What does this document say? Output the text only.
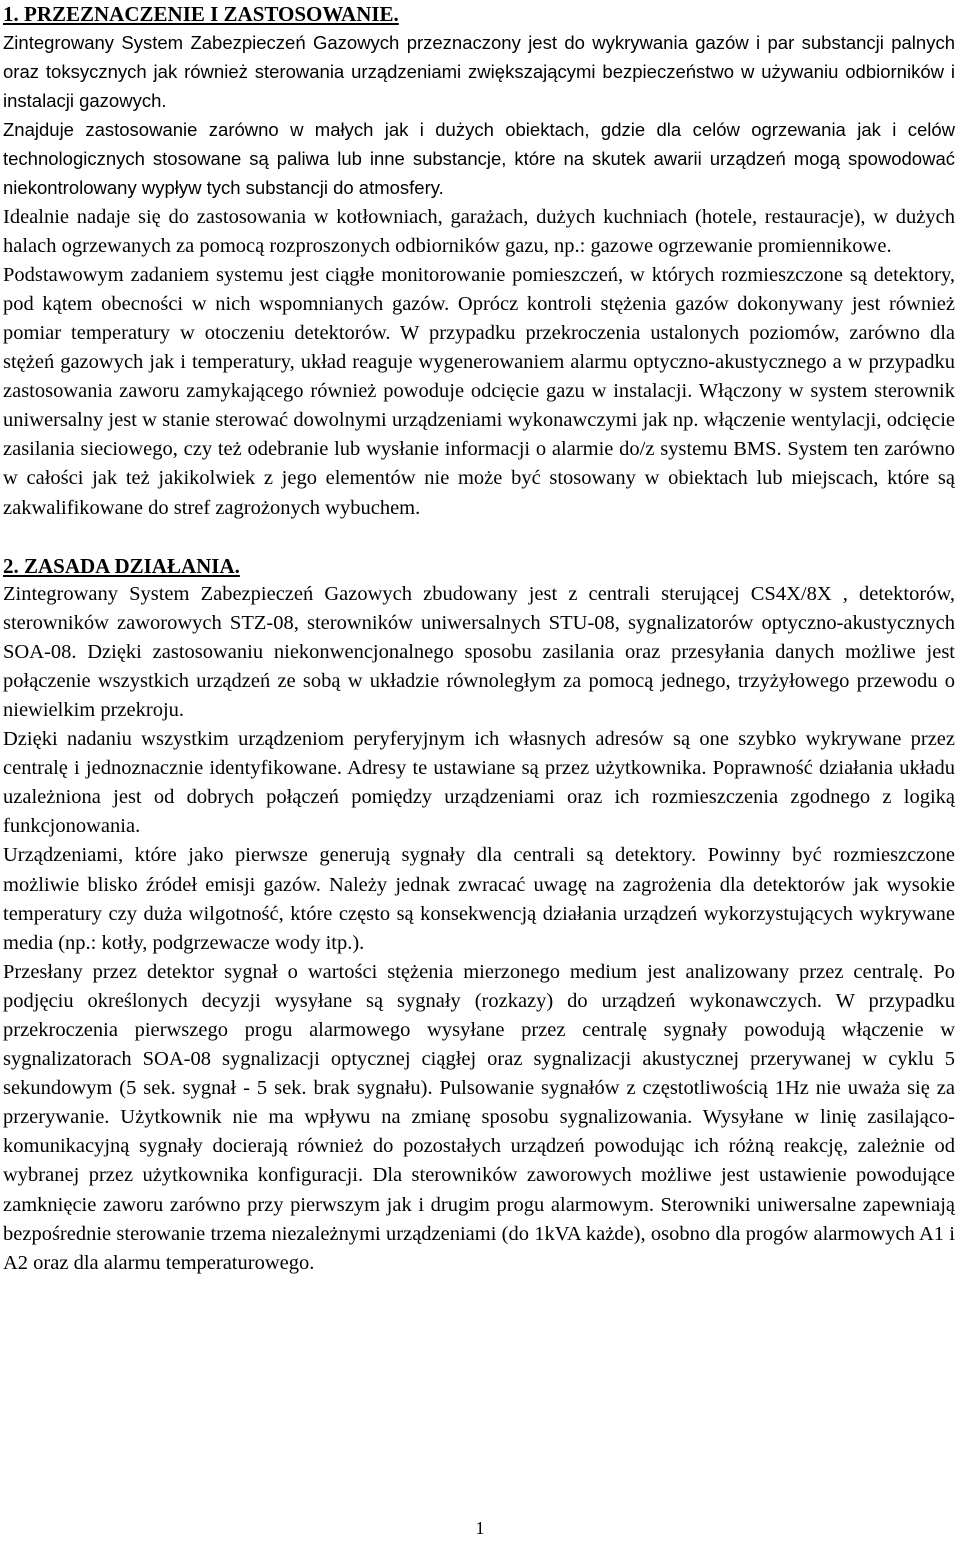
1. PRZEZNACZENIE I ZASTOSOWANIE.

Zintegrowany System Zabezpieczeń Gazowych przeznaczony jest do wykrywania gazów i par substancji palnych oraz toksycznych jak również sterowania urządzeniami zwiększającymi bezpieczeństwo w używaniu odbiorników i instalacji gazowych.

Znajduje zastosowanie zarówno w małych jak i dużych obiektach, gdzie dla celów ogrzewania jak i celów technologicznych stosowane są paliwa lub inne substancje, które na skutek awarii urządzeń mogą spowodować niekontrolowany wypływ tych substancji do atmosfery.

Idealnie nadaje się do zastosowania w kotłowniach, garażach, dużych kuchniach (hotele, restauracje), w dużych halach ogrzewanych za pomocą rozproszonych odbiorników gazu, np.: gazowe ogrzewanie promiennikowe.

Podstawowym zadaniem systemu jest ciągłe monitorowanie pomieszczeń, w których rozmieszczone są detektory, pod kątem obecności w nich wspomnianych gazów. Oprócz kontroli stężenia gazów dokonywany jest również pomiar temperatury w otoczeniu detektorów. W przypadku przekroczenia ustalonych poziomów, zarówno dla stężeń gazowych jak i temperatury, układ reaguje wygenerowaniem alarmu optyczno-akustycznego a w przypadku zastosowania zaworu zamykającego również powoduje odcięcie gazu w instalacji. Włączony w system sterownik uniwersalny jest w stanie sterować dowolnymi urządzeniami wykonawczymi jak np. włączenie wentylacji, odcięcie zasilania sieciowego, czy też odebranie lub wysłanie informacji o alarmie do/z systemu BMS. System ten zarówno w całości jak też jakikolwiek z jego elementów nie może być stosowany w obiektach lub miejscach, które są zakwalifikowane do stref zagrożonych wybuchem.

2. ZASADA DZIAŁANIA.

Zintegrowany System Zabezpieczeń Gazowych zbudowany jest z centrali sterującej CS4X/8X , detektorów, sterowników zaworowych STZ-08, sterowników uniwersalnych STU-08, sygnalizatorów optyczno-akustycznych SOA-08. Dzięki zastosowaniu niekonwencjonalnego sposobu zasilania oraz przesyłania danych możliwe jest połączenie wszystkich urządzeń ze sobą w układzie równoległym za pomocą jednego, trzyżyłowego przewodu o niewielkim przekroju.

Dzięki nadaniu wszystkim urządzeniom peryferyjnym ich własnych adresów są one szybko wykrywane przez centralę i jednoznacznie identyfikowane. Adresy te ustawiane są przez użytkownika. Poprawność działania układu uzależniona jest od dobrych połączeń pomiędzy urządzeniami oraz ich rozmieszczenia zgodnego z logiką funkcjonowania.

Urządzeniami, które jako pierwsze generują sygnały dla centrali są detektory. Powinny być rozmieszczone możliwie blisko źródeł emisji gazów. Należy jednak zwracać uwagę na zagrożenia dla detektorów jak wysokie temperatury czy duża wilgotność, które często są konsekwencją działania urządzeń wykorzystujących wykrywane media (np.: kotły, podgrzewacze wody itp.).

Przesłany przez detektor sygnał o wartości stężenia mierzonego medium jest analizowany przez centralę. Po podjęciu określonych decyzji wysyłane są sygnały (rozkazy) do urządzeń wykonawczych. W przypadku przekroczenia pierwszego progu alarmowego wysyłane przez centralę sygnały powodują włączenie w sygnalizatorach SOA-08 sygnalizacji optycznej ciągłej oraz sygnalizacji akustycznej przerywanej w cyklu 5 sekundowym (5 sek. sygnał - 5 sek. brak sygnału). Pulsowanie sygnałów z częstotliwością 1Hz nie uważa się za przerywanie. Użytkownik nie ma wpływu na zmianę sposobu sygnalizowania. Wysyłane w linię zasilająco-komunikacyjną sygnały docierają również do pozostałych urządzeń powodując ich różną reakcję, zależnie od wybranej przez użytkownika konfiguracji. Dla sterowników zaworowych możliwe jest ustawienie powodujące zamknięcie zaworu zarówno przy pierwszym jak i drugim progu alarmowym. Sterowniki uniwersalne zapewniają bezpośrednie sterowanie trzema niezależnymi urządzeniami (do 1kVA każde), osobno dla progów alarmowych A1 i A2 oraz dla alarmu temperaturowego.

1
